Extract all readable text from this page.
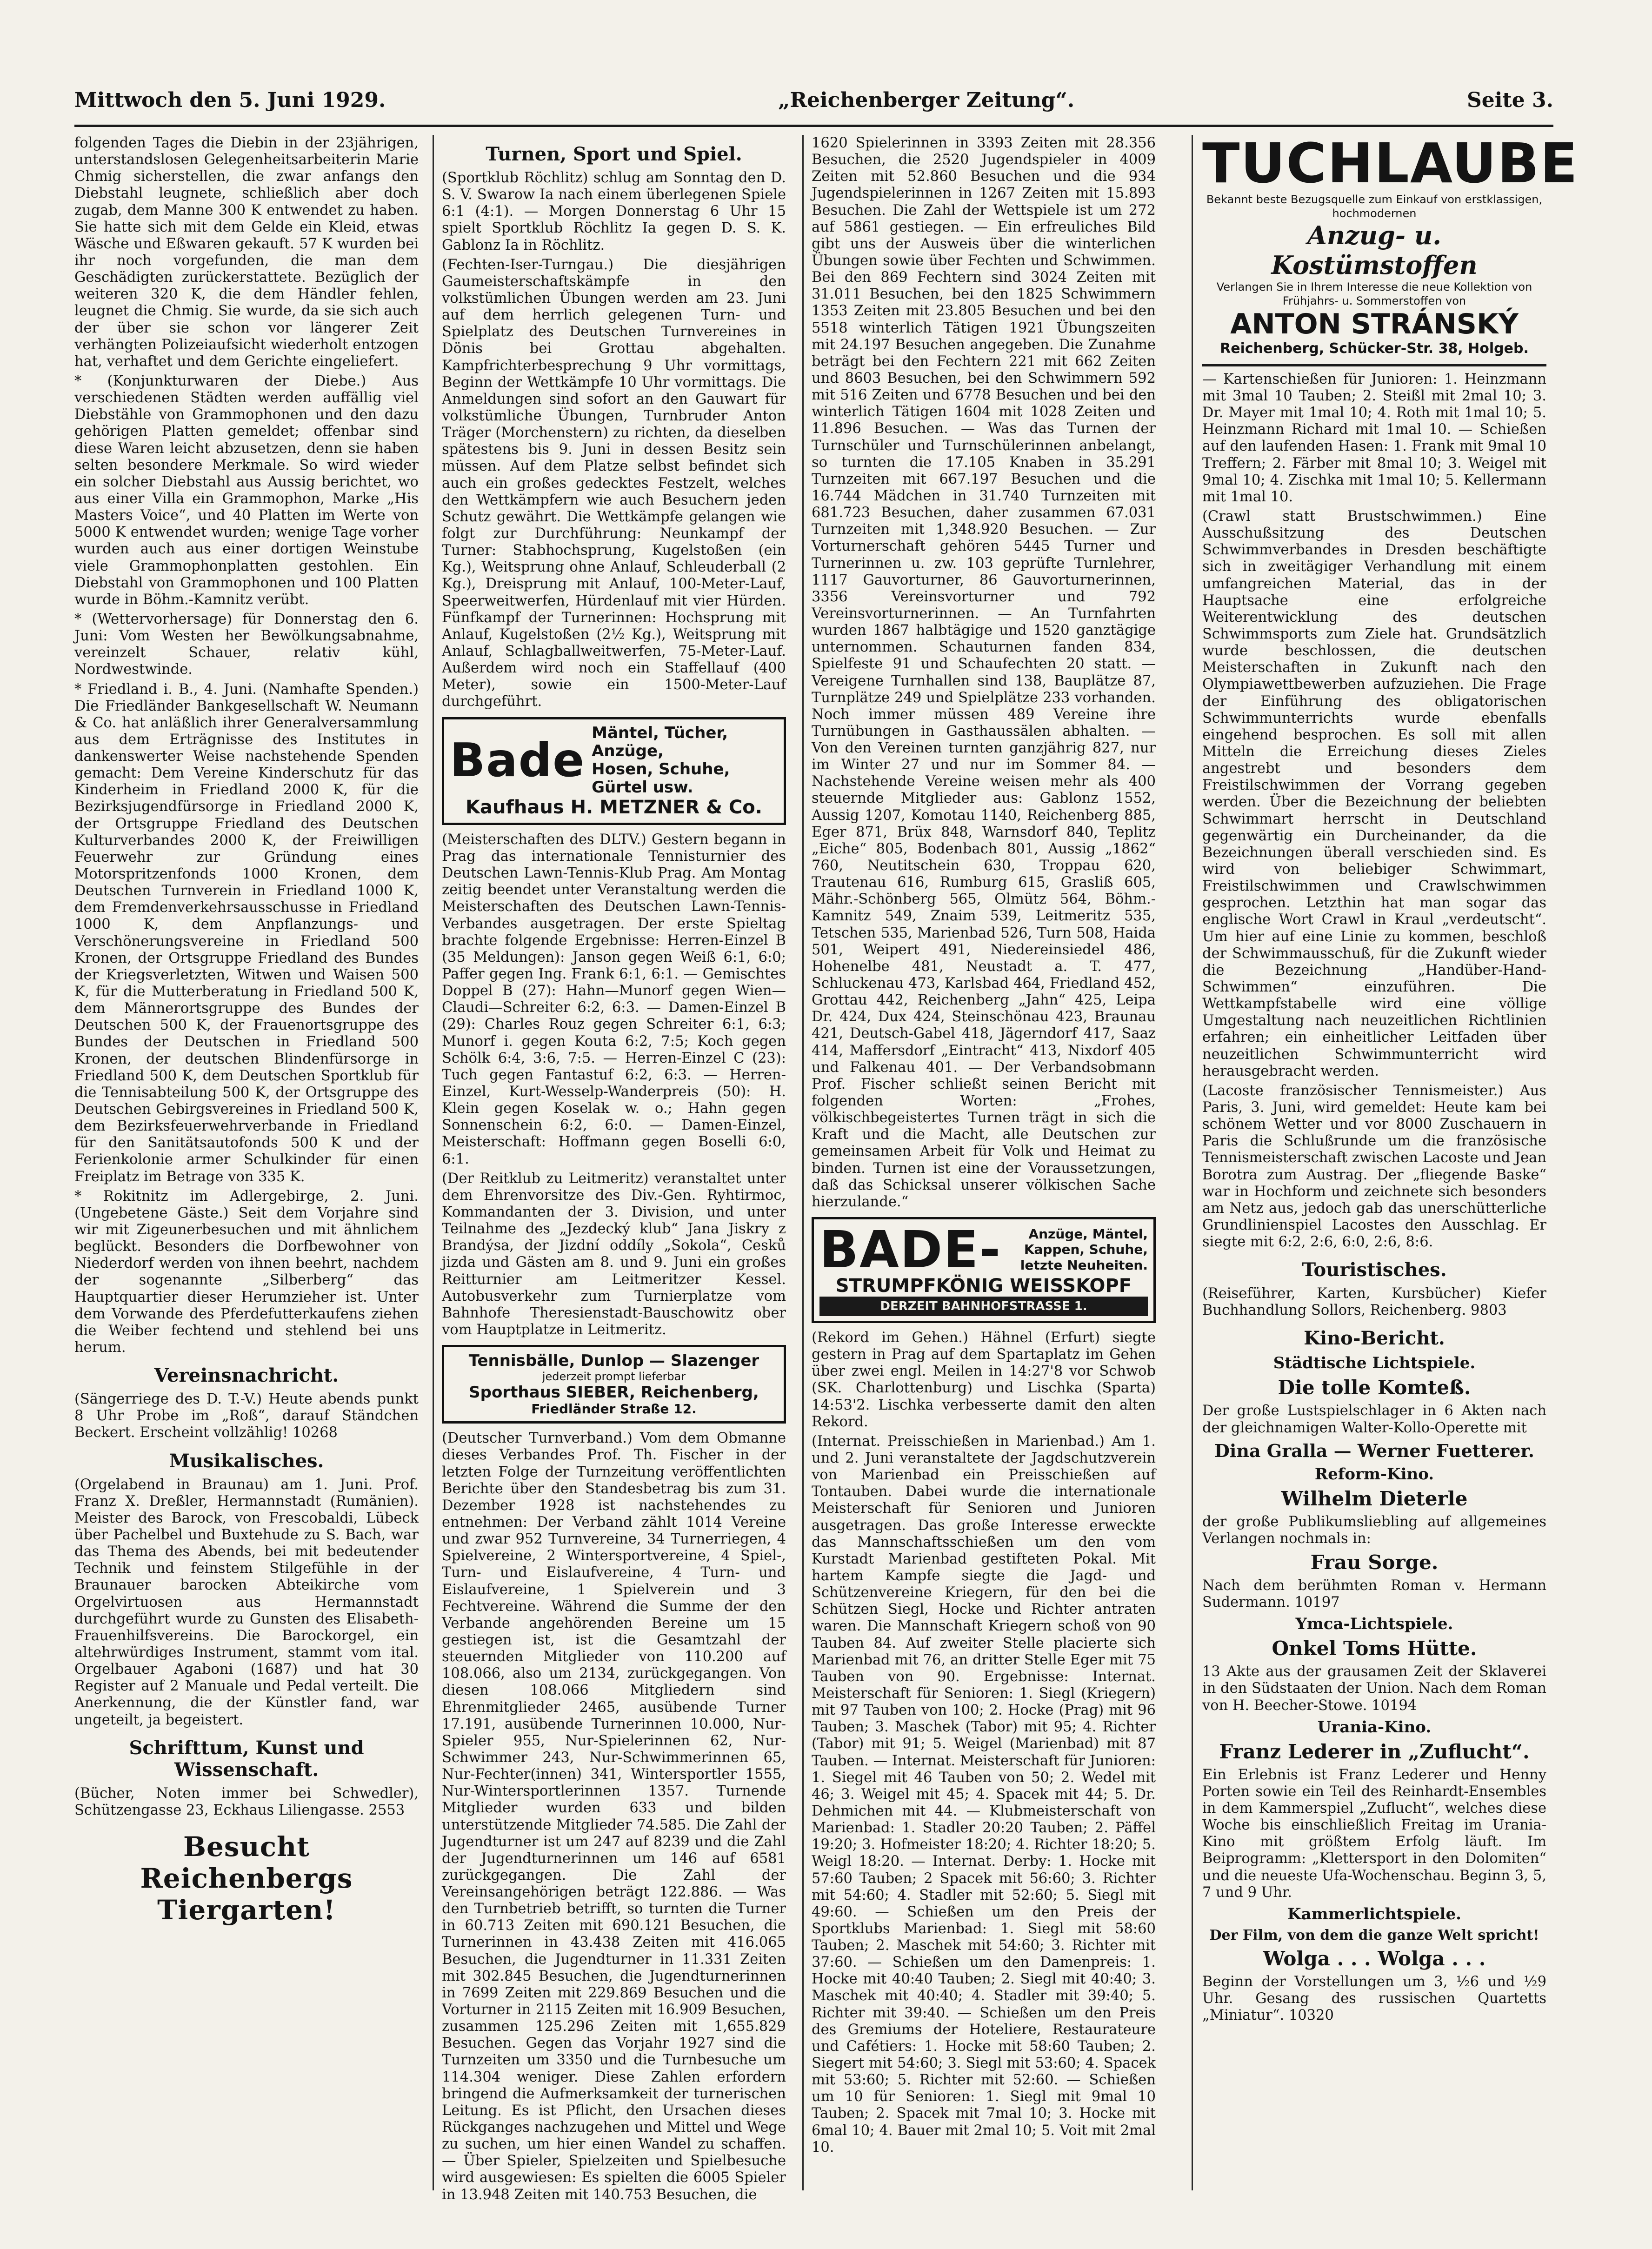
Mittwoch den 5. Juni 1929.	„Reichenberger Zeitung“.	Seite 3.

folgenden Tages die Diebin in der 23jährigen, unterstandslosen Gelegenheitsarbeiterin Marie Chmig sicherstellen, die zwar anfangs den Diebstahl leugnete, schließlich aber doch zugab, dem Manne 300 K entwendet zu haben. Sie hatte sich mit dem Gelde ein Kleid, etwas Wäsche und Eßwaren gekauft. 57 K wurden bei ihr noch vorgefunden, die man dem Geschädigten zurückerstattete. Bezüglich der weiteren 320 K, die dem Händler fehlen, leugnet die Chmig. Sie wurde, da sie sich auch der über sie schon vor längerer Zeit verhängten Polizeiaufsicht wiederholt entzogen hat, verhaftet und dem Gerichte eingeliefert.

* (Konjunkturwaren der Diebe.) Aus verschiedenen Städten werden auffällig viel Diebstähle von Grammophonen und den dazu gehörigen Platten gemeldet; offenbar sind diese Waren leicht abzusetzen, denn sie haben selten besondere Merkmale. So wird wieder ein solcher Diebstahl aus Aussig berichtet, wo aus einer Villa ein Grammophon, Marke „His Masters Voice“, und 40 Platten im Werte von 5000 K entwendet wurden; wenige Tage vorher wurden auch aus einer dortigen Weinstube viele Grammophonplatten gestohlen. Ein Diebstahl von Grammophonen und 100 Platten wurde in Böhm.-Kamnitz verübt.

* (Wettervorhersage) für Donnerstag den 6. Juni: Vom Westen her Bewölkungsabnahme, vereinzelt Schauer, relativ kühl, Nordwestwinde.

* Friedland i. B., 4. Juni. (Namhafte Spenden.) Die Friedländer Bankgesellschaft W. Neumann & Co. hat anläßlich ihrer Generalversammlung aus dem Erträgnisse des Institutes in dankenswerter Weise nachstehende Spenden gemacht: Dem Vereine Kinderschutz für das Kinderheim in Friedland 2000 K, für die Bezirksjugendfürsorge in Friedland 2000 K, der Ortsgruppe Friedland des Deutschen Kulturverbandes 2000 K, der Freiwilligen Feuerwehr zur Gründung eines Motorspritzenfonds 1000 Kronen, dem Deutschen Turnverein in Friedland 1000 K, dem Fremdenverkehrsausschusse in Friedland 1000 K, dem Anpflanzungs- und Verschönerungsvereine in Friedland 500 Kronen, der Ortsgruppe Friedland des Bundes der Kriegsverletzten, Witwen und Waisen 500 K, für die Mutterberatung in Friedland 500 K, dem Männerortsgruppe des Bundes der Deutschen 500 K, der Frauenortsgruppe des Bundes der Deutschen in Friedland 500 Kronen, der deutschen Blindenfürsorge in Friedland 500 K, dem Deutschen Sportklub für die Tennisabteilung 500 K, der Ortsgruppe des Deutschen Gebirgsvereines in Friedland 500 K, dem Bezirksfeuerwehrverbande in Friedland für den Sanitätsautofonds 500 K und der Ferienkolonie armer Schulkinder für einen Freiplatz im Betrage von 335 K.

* Rokitnitz im Adlergebirge, 2. Juni. (Ungebetene Gäste.) Seit dem Vorjahre sind wir mit Zigeunerbesuchen und mit ähnlichem beglückt. Besonders die Dorfbewohner von Niederdorf werden von ihnen beehrt, nachdem der sogenannte „Silberberg“ das Hauptquartier dieser Herumzieher ist. Unter dem Vorwande des Pferdefutterkaufens ziehen die Weiber fechtend und stehlend bei uns herum.

Vereinsnachricht.

(Sängerriege des D. T.-V.) Heute abends punkt 8 Uhr Probe im „Roß“, darauf Ständchen Beckert. Erscheint vollzählig! 10268

Musikalisches.

(Orgelabend in Braunau) am 1. Juni. Prof. Franz X. Dreßler, Hermannstadt (Rumänien). Meister des Barock, von Frescobaldi, Lübeck über Pachelbel und Buxtehude zu S. Bach, war das Thema des Abends, bei mit bedeutender Technik und feinstem Stilgefühle in der Braunauer barocken Abteikirche vom Orgelvirtuosen aus Hermannstadt durchgeführt wurde zu Gunsten des Elisabeth-Frauenhilfsvereins. Die Barockorgel, ein altehrwürdiges Instrument, stammt vom ital. Orgelbauer Agaboni (1687) und hat 30 Register auf 2 Manuale und Pedal verteilt. Die Anerkennung, die der Künstler fand, war ungeteilt, ja begeistert.

Schrifttum, Kunst und Wissenschaft.

(Bücher, Noten immer bei Schwedler), Schützengasse 23, Eckhaus Liliengasse. 2553

Besucht Reichenbergs Tiergarten!
Turnen, Sport und Spiel.

(Sportklub Röchlitz) schlug am Sonntag den D. S. V. Swarow Ia nach einem überlegenen Spiele 6:1 (4:1). — Morgen Donnerstag 6 Uhr 15 spielt Sportklub Röchlitz Ia gegen D. S. K. Gablonz Ia in Röchlitz.

(Fechten-Iser-Turngau.) Die diesjährigen Gaumeisterschaftskämpfe in den volkstümlichen Übungen werden am 23. Juni auf dem herrlich gelegenen Turn- und Spielplatz des Deutschen Turnvereines in Dönis bei Grottau abgehalten. Kampfrichterbesprechung 9 Uhr vormittags, Beginn der Wettkämpfe 10 Uhr vormittags. Die Anmeldungen sind sofort an den Gauwart für volkstümliche Übungen, Turnbruder Anton Träger (Morchenstern) zu richten, da dieselben spätestens bis 9. Juni in dessen Besitz sein müssen. Auf dem Platze selbst befindet sich auch ein großes gedecktes Festzelt, welches den Wettkämpfern wie auch Besuchern jeden Schutz gewährt. Die Wettkämpfe gelangen wie folgt zur Durchführung: Neunkampf der Turner: Stabhochsprung, Kugelstoßen (ein Kg.), Weitsprung ohne Anlauf, Schleuderball (2 Kg.), Dreisprung mit Anlauf, 100-Meter-Lauf, Speerweitwerfen, Hürdenlauf mit vier Hürden. Fünfkampf der Turnerinnen: Hochsprung mit Anlauf, Kugelstoßen (2½ Kg.), Weitsprung mit Anlauf, Schlagballweitwerfen, 75-Meter-Lauf. Außerdem wird noch ein Staffellauf (400 Meter), sowie ein 1500-Meter-Lauf durchgeführt.

Bade
Mäntel, Tücher, Anzüge,
Hosen, Schuhe, Gürtel usw.
Kaufhaus H. METZNER & Co.

(Meisterschaften des DLTV.) Gestern begann in Prag das internationale Tennisturnier des Deutschen Lawn-Tennis-Klub Prag. Am Montag zeitig beendet unter Veranstaltung werden die Meisterschaften des Deutschen Lawn-Tennis-Verbandes ausgetragen. Der erste Spieltag brachte folgende Ergebnisse: Herren-Einzel B (35 Meldungen): Janson gegen Weiß 6:1, 6:0; Paffer gegen Ing. Frank 6:1, 6:1. — Gemischtes Doppel B (27): Hahn—Munorf gegen Wien—Claudi—Schreiter 6:2, 6:3. — Damen-Einzel B (29): Charles Rouz gegen Schreiter 6:1, 6:3; Munorf i. gegen Kouta 6:2, 7:5; Koch gegen Schölk 6:4, 3:6, 7:5. — Herren-Einzel C (23): Tuch gegen Fantastuf 6:2, 6:3. — Herren-Einzel, Kurt-Wesselp-Wanderpreis (50): H. Klein gegen Koselak w. o.; Hahn gegen Sonnenschein 6:2, 6:0. — Damen-Einzel, Meisterschaft: Hoffmann gegen Boselli 6:0, 6:1.

(Der Reitklub zu Leitmeritz) veranstaltet unter dem Ehrenvorsitze des Div.-Gen. Ryhtirmoc, Kommandanten der 3. Division, und unter Teilnahme des „Jezdecký klub“ Jana Jiskry z Brandýsa, der Jizdní oddíly „Sokola“, Cesků jizda und Gästen am 8. und 9. Juni ein großes Reitturnier am Leitmeritzer Kessel. Autobusverkehr zum Turnierplatze vom Bahnhofe Theresienstadt-Bauschowitz ober vom Hauptplatze in Leitmeritz.

Tennisbälle, Dunlop — Slazenger
jederzeit prompt lieferbar
Sporthaus SIEBER, Reichenberg,
Friedländer Straße 12.

(Deutscher Turnverband.) Vom dem Obmanne dieses Verbandes Prof. Th. Fischer in der letzten Folge der Turnzeitung veröffentlichten Berichte über den Standesbetrag bis zum 31. Dezember 1928 ist nachstehendes zu entnehmen: Der Verband zählt 1014 Vereine und zwar 952 Turnvereine, 34 Turnerriegen, 4 Spielvereine, 2 Wintersportvereine, 4 Spiel-, Turn- und Eislaufvereine, 4 Turn- und Eislaufvereine, 1 Spielverein und 3 Fechtvereine. Während die Summe der den Verbande angehörenden Bereine um 15 gestiegen ist, ist die Gesamtzahl der steuernden Mitglieder von 110.200 auf 108.066, also um 2134, zurückgegangen. Von diesen 108.066 Mitgliedern sind Ehrenmitglieder 2465, ausübende Turner 17.191, ausübende Turnerinnen 10.000, Nur-Spieler 955, Nur-Spielerinnen 62, Nur-Schwimmer 243, Nur-Schwimmerinnen 65, Nur-Fechter(innen) 341, Wintersportler 1555, Nur-Wintersportlerinnen 1357. Turnende Mitglieder wurden 633 und bilden unterstützende Mitglieder 74.585. Die Zahl der Jugendturner ist um 247 auf 8239 und die Zahl der Jugendturnerinnen um 146 auf 6581 zurückgegangen. Die Zahl der Vereinsangehörigen beträgt 122.886. — Was den Turnbetrieb betrifft, so turnten die Turner in 60.713 Zeiten mit 690.121 Besuchen, die Turnerinnen in 43.438 Zeiten mit 416.065 Besuchen, die Jugendturner in 11.331 Zeiten mit 302.845 Besuchen, die Jugendturnerinnen in 7699 Zeiten mit 229.869 Besuchen und die Vorturner in 2115 Zeiten mit 16.909 Besuchen, zusammen 125.296 Zeiten mit 1,655.829 Besuchen. Gegen das Vorjahr 1927 sind die Turnzeiten um 3350 und die Turnbesuche um 114.304 weniger. Diese Zahlen erfordern bringend die Aufmerksamkeit der turnerischen Leitung. Es ist Pflicht, den Ursachen dieses Rückganges nachzugehen und Mittel und Wege zu suchen, um hier einen Wandel zu schaffen. — Über Spieler, Spielzeiten und Spielbesuche wird ausgewiesen: Es spielten die 6005 Spieler in 13.948 Zeiten mit 140.753 Besuchen, die

1620 Spielerinnen in 3393 Zeiten mit 28.356 Besuchen, die 2520 Jugendspieler in 4009 Zeiten mit 52.860 Besuchen und die 934 Jugendspielerinnen in 1267 Zeiten mit 15.893 Besuchen. Die Zahl der Wettspiele ist um 272 auf 5861 gestiegen. — Ein erfreuliches Bild gibt uns der Ausweis über die winterlichen Übungen sowie über Fechten und Schwimmen. Bei den 869 Fechtern sind 3024 Zeiten mit 31.011 Besuchen, bei den 1825 Schwimmern 1353 Zeiten mit 23.805 Besuchen und bei den 5518 winterlich Tätigen 1921 Übungszeiten mit 24.197 Besuchen angegeben. Die Zunahme beträgt bei den Fechtern 221 mit 662 Zeiten und 8603 Besuchen, bei den Schwimmern 592 mit 516 Zeiten und 6778 Besuchen und bei den winterlich Tätigen 1604 mit 1028 Zeiten und 11.896 Besuchen. — Was das Turnen der Turnschüler und Turnschülerinnen anbelangt, so turnten die 17.105 Knaben in 35.291 Turnzeiten mit 667.197 Besuchen und die 16.744 Mädchen in 31.740 Turnzeiten mit 681.723 Besuchen, daher zusammen 67.031 Turnzeiten mit 1,348.920 Besuchen. — Zur Vorturnerschaft gehören 5445 Turner und Turnerinnen u. zw. 103 geprüfte Turnlehrer, 1117 Gauvorturner, 86 Gauvorturnerinnen, 3356 Vereinsvorturner und 792 Vereinsvorturnerinnen. — An Turnfahrten wurden 1867 halbtägige und 1520 ganztägige unternommen. Schauturnen fanden 834, Spielfeste 91 und Schaufechten 20 statt. — Vereigene Turnhallen sind 138, Bauplätze 87, Turnplätze 249 und Spielplätze 233 vorhanden. Noch immer müssen 489 Vereine ihre Turnübungen in Gasthaussälen abhalten. — Von den Vereinen turnten ganzjährig 827, nur im Winter 27 und nur im Sommer 84. — Nachstehende Vereine weisen mehr als 400 steuernde Mitglieder aus: Gablonz 1552, Aussig 1207, Komotau 1140, Reichenberg 885, Eger 871, Brüx 848, Warnsdorf 840, Teplitz „Eiche“ 805, Bodenbach 801, Aussig „1862“ 760, Neutitschein 630, Troppau 620, Trautenau 616, Rumburg 615, Grasliß 605, Mähr.-Schönberg 565, Olmütz 564, Böhm.-Kamnitz 549, Znaim 539, Leitmeritz 535, Tetschen 535, Marienbad 526, Turn 508, Haida 501, Weipert 491, Niedereinsiedel 486, Hohenelbe 481, Neustadt a. T. 477, Schluckenau 473, Karlsbad 464, Friedland 452, Grottau 442, Reichenberg „Jahn“ 425, Leipa Dr. 424, Dux 424, Steinschönau 423, Braunau 421, Deutsch-Gabel 418, Jägerndorf 417, Saaz 414, Maffersdorf „Eintracht“ 413, Nixdorf 405 und Falkenau 401. — Der Verbandsobmann Prof. Fischer schließt seinen Bericht mit folgenden Worten: „Frohes, völkischbegeistertes Turnen trägt in sich die Kraft und die Macht, alle Deutschen zur gemeinsamen Arbeit für Volk und Heimat zu binden. Turnen ist eine der Voraussetzungen, daß das Schicksal unserer völkischen Sache hierzulande.“

BADE-	Anzüge, Mäntel, Kappen, Schuhe, letzte Neuheiten.
STRUMPFKÖNIG WEISSKOPF
DERZEIT BAHNHOFSTRASSE 1.

(Rekord im Gehen.) Hähnel (Erfurt) siegte gestern in Prag auf dem Spartaplatz im Gehen über zwei engl. Meilen in 14:27'8 vor Schwob (SK. Charlottenburg) und Lischka (Sparta) 14:53'2. Lischka verbesserte damit den alten Rekord.

(Internat. Preisschießen in Marienbad.) Am 1. und 2. Juni veranstaltete der Jagdschutzverein von Marienbad ein Preisschießen auf Tontauben. Dabei wurde die internationale Meisterschaft für Senioren und Junioren ausgetragen. Das große Interesse erweckte das Mannschaftsschießen um den vom Kurstadt Marienbad gestifteten Pokal. Mit hartem Kampfe siegte die Jagd- und Schützenvereine Kriegern, für den bei die Schützen Siegl, Hocke und Richter antraten waren. Die Mannschaft Kriegern schoß von 90 Tauben 84. Auf zweiter Stelle placierte sich Marienbad mit 76, an dritter Stelle Eger mit 75 Tauben von 90. Ergebnisse: Internat. Meisterschaft für Senioren: 1. Siegl (Kriegern) mit 97 Tauben von 100; 2. Hocke (Prag) mit 96 Tauben; 3. Maschek (Tabor) mit 95; 4. Richter (Tabor) mit 91; 5. Weigel (Marienbad) mit 87 Tauben. — Internat. Meisterschaft für Junioren: 1. Siegel mit 46 Tauben von 50; 2. Wedel mit 46; 3. Weigel mit 45; 4. Spacek mit 44; 5. Dr. Dehmichen mit 44. — Klubmeisterschaft von Marienbad: 1. Stadler 20:20 Tauben; 2. Päffel 19:20; 3. Hofmeister 18:20; 4. Richter 18:20; 5. Weigl 18:20. — Internat. Derby: 1. Hocke mit 57:60 Tauben; 2 Spacek mit 56:60; 3. Richter mit 54:60; 4. Stadler mit 52:60; 5. Siegl mit 49:60. — Schießen um den Preis der Sportklubs Marienbad: 1. Siegl mit 58:60 Tauben; 2. Maschek mit 54:60; 3. Richter mit 37:60. — Schießen um den Damenpreis: 1. Hocke mit 40:40 Tauben; 2. Siegl mit 40:40; 3. Maschek mit 40:40; 4. Stadler mit 39:40; 5. Richter mit 39:40. — Schießen um den Preis des Gremiums der Hoteliere, Restaurateure und Cafétiers: 1. Hocke mit 58:60 Tauben; 2. Siegert mit 54:60; 3. Siegl mit 53:60; 4. Spacek mit 53:60; 5. Richter mit 52:60. — Schießen um 10 für Senioren: 1. Siegl mit 9mal 10 Tauben; 2. Spacek mit 7mal 10; 3. Hocke mit 6mal 10; 4. Bauer mit 2mal 10; 5. Voit mit 2mal 10.

TUCHLAUBE
Bekannt beste Bezugsquelle zum Einkauf von erstklassigen, hochmodernen
Anzug- u. Kostümstoffen
Verlangen Sie in Ihrem Interesse die neue Kollektion von Frühjahrs- u. Sommerstoffen von
ANTON STRÁNSKÝ
Reichenberg, Schücker-Str. 38, Holgeb.

— Kartenschießen für Junioren: 1. Heinzmann mit 3mal 10 Tauben; 2. Steißl mit 2mal 10; 3. Dr. Mayer mit 1mal 10; 4. Roth mit 1mal 10; 5. Heinzmann Richard mit 1mal 10. — Schießen auf den laufenden Hasen: 1. Frank mit 9mal 10 Treffern; 2. Färber mit 8mal 10; 3. Weigel mit 9mal 10; 4. Zischka mit 1mal 10; 5. Kellermann mit 1mal 10.

(Crawl statt Brustschwimmen.) Eine Ausschußsitzung des Deutschen Schwimmverbandes in Dresden beschäftigte sich in zweitägiger Verhandlung mit einem umfangreichen Material, das in der Hauptsache eine erfolgreiche Weiterentwicklung des deutschen Schwimmsports zum Ziele hat. Grundsätzlich wurde beschlossen, die deutschen Meisterschaften in Zukunft nach den Olympiawettbewerben aufzuziehen. Die Frage der Einführung des obligatorischen Schwimmunterrichts wurde ebenfalls eingehend besprochen. Es soll mit allen Mitteln die Erreichung dieses Zieles angestrebt und besonders dem Freistilschwimmen der Vorrang gegeben werden. Über die Bezeichnung der beliebten Schwimmart herrscht in Deutschland gegenwärtig ein Durcheinander, da die Bezeichnungen überall verschieden sind. Es wird von beliebiger Schwimmart, Freistilschwimmen und Crawlschwimmen gesprochen. Letzthin hat man sogar das englische Wort Crawl in Kraul „verdeutscht“. Um hier auf eine Linie zu kommen, beschloß der Schwimmausschuß, für die Zukunft wieder die Bezeichnung „Handüber-Hand-Schwimmen“ einzuführen. Die Wettkampfstabelle wird eine völlige Umgestaltung nach neuzeitlichen Richtlinien erfahren; ein einheitlicher Leitfaden über neuzeitlichen Schwimmunterricht wird herausgebracht werden.

(Lacoste französischer Tennismeister.) Aus Paris, 3. Juni, wird gemeldet: Heute kam bei schönem Wetter und vor 8000 Zuschauern in Paris die Schlußrunde um die französische Tennismeisterschaft zwischen Lacoste und Jean Borotra zum Austrag. Der „fliegende Baske“ war in Hochform und zeichnete sich besonders am Netz aus, jedoch gab das unerschütterliche Grundlinienspiel Lacostes den Ausschlag. Er siegte mit 6:2, 2:6, 6:0, 2:6, 8:6.

Touristisches.

(Reiseführer, Karten, Kursbücher) Kiefer Buchhandlung Sollors, Reichenberg. 9803

Kino-Bericht.
Städtische Lichtspiele.
Die tolle Komteß.

Der große Lustspielschlager in 6 Akten nach der gleichnamigen Walter-Kollo-Operette mit

Dina Gralla — Werner Fuetterer.
Reform-Kino.
Wilhelm Dieterle

der große Publikumsliebling auf allgemeines Verlangen nochmals in:

Frau Sorge.

Nach dem berühmten Roman v. Hermann Sudermann. 10197

Ymca-Lichtspiele.
Onkel Toms Hütte.

13 Akte aus der grausamen Zeit der Sklaverei in den Südstaaten der Union. Nach dem Roman von H. Beecher-Stowe. 10194

Urania-Kino.
Franz Lederer in „Zuflucht“.

Ein Erlebnis ist Franz Lederer und Henny Porten sowie ein Teil des Reinhardt-Ensembles in dem Kammerspiel „Zuflucht“, welches diese Woche bis einschließlich Freitag im Urania-Kino mit größtem Erfolg läuft. Im Beiprogramm: „Klettersport in den Dolomiten“ und die neueste Ufa-Wochenschau. Beginn 3, 5, 7 und 9 Uhr.

Kammerlichtspiele.
Der Film, von dem die ganze Welt spricht!
Wolga . . . Wolga . . .

Beginn der Vorstellungen um 3, ½6 und ½9 Uhr. Gesang des russischen Quartetts „Miniatur“. 10320
